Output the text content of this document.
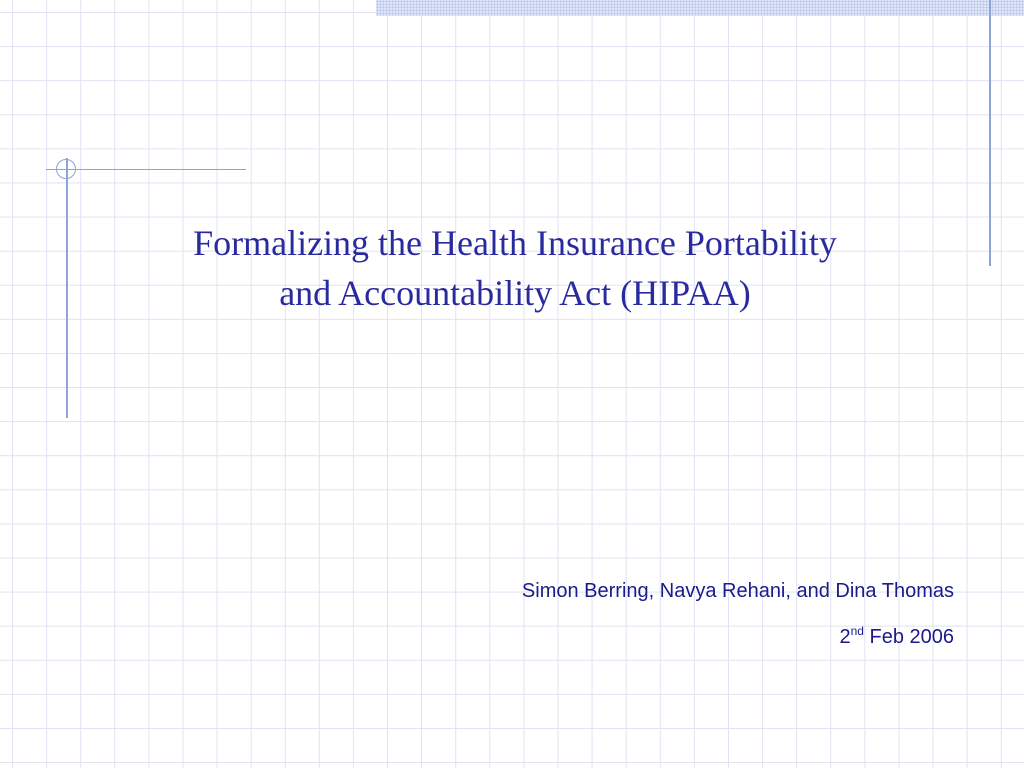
Formalizing the Health Insurance Portability
and Accountability Act (HIPAA)
Simon Berring, Navya Rehani, and Dina Thomas
2nd Feb 2006
